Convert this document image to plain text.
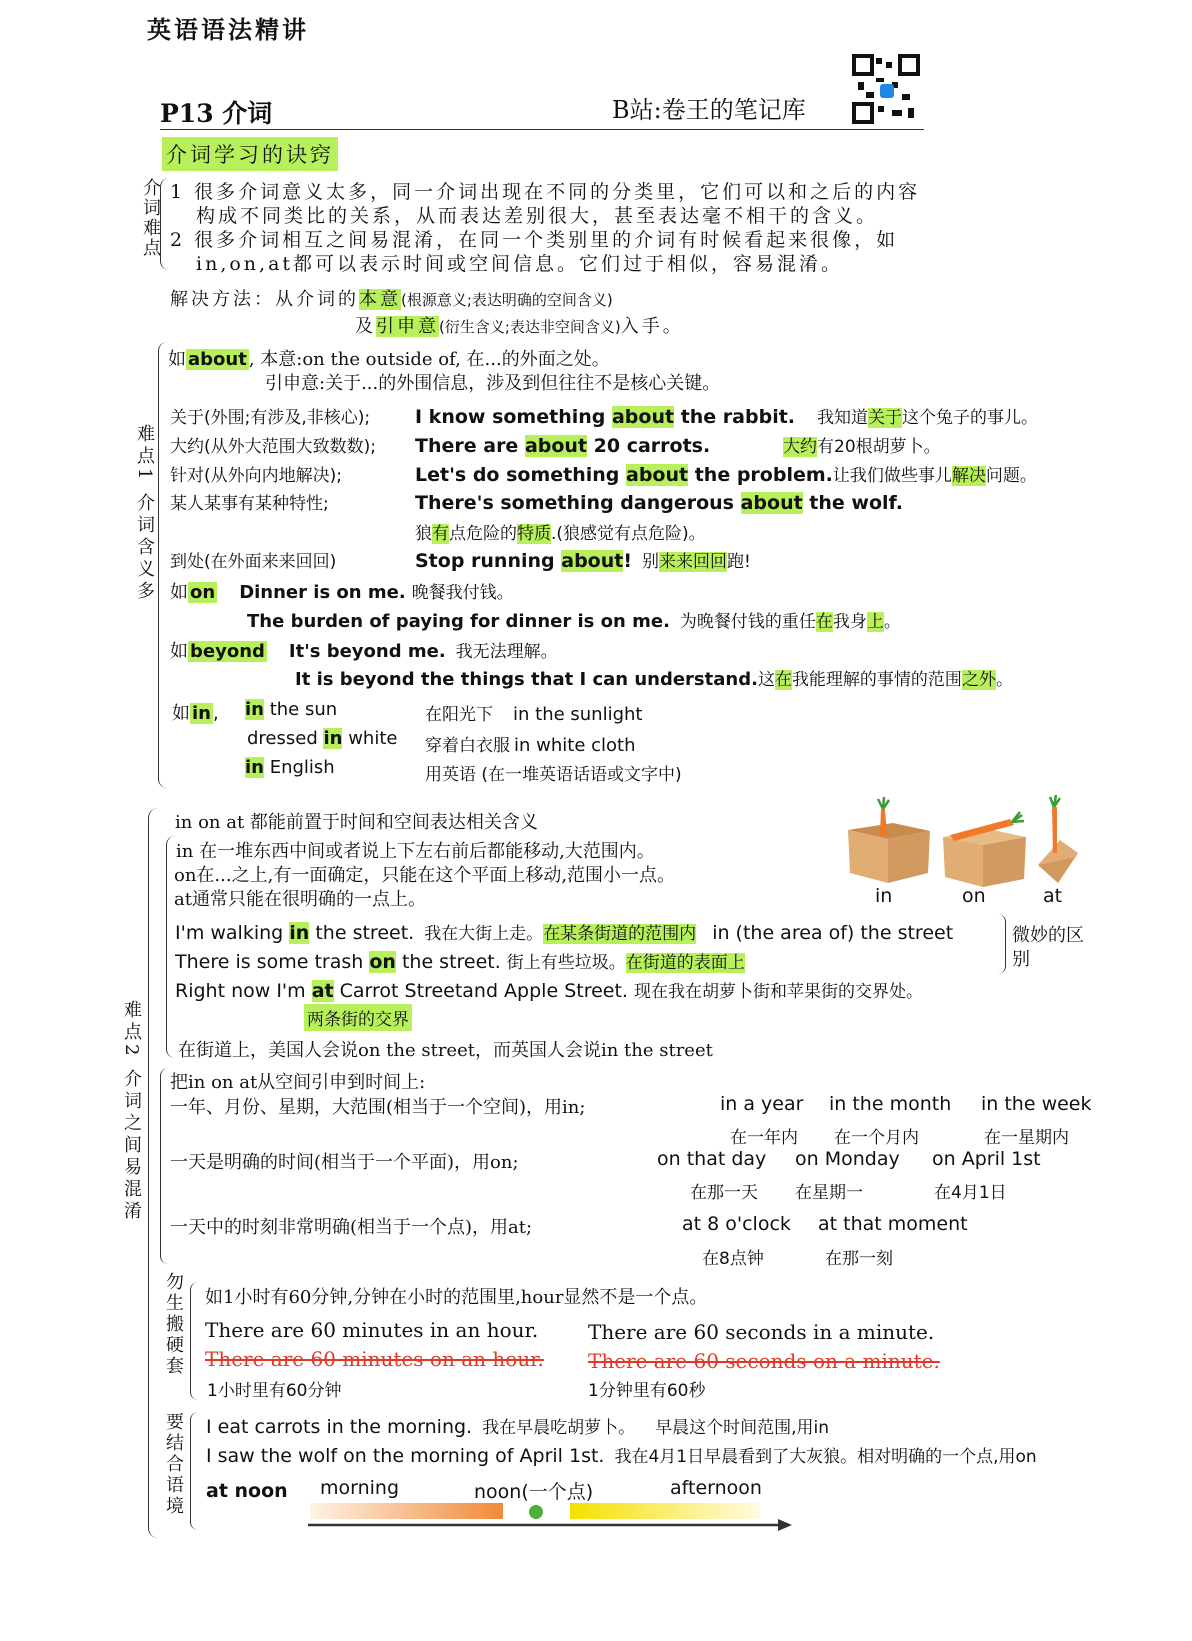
英语语法精讲
P13 介词	B站:卷王的笔记库
介词学习的诀窍
介词难点 1 很多介词意义太多，同一介词出现在不同的分类里，它们可以和之后的内容
构成不同类比的关系，从而表达差别很大，甚至表达毫不相干的含义。
2 很多介词相互之间易混淆，在同一个类别里的介词有时候看起来很像，如
in,on,at都可以表示时间或空间信息。它们过于相似，容易混淆。
解决方法：从介词的本意(根源意义;表达明确的空间含义)
及引申意(衍生含义;表达非空间含义)入手。
难点1 介词含义多
如 about , 本意:on the outside of, 在...的外面之处。
引申意:关于...的外围信息，涉及到但往往不是核心关键。
关于(外围;有涉及,非核心); I know something about the rabbit. 我知道关于这个兔子的事儿。
大约(从外大范围大致数数); There are about 20 carrots.	大约有20根胡萝卜。
针对(从外向内地解决);	Let's do something about the problem.让我们做些事儿解决问题。
某人某事有某种特性;	There's something dangerous about the wolf.
狼有点危险的特质.(狼感觉有点危险)。
到处(在外面来来回回)	Stop running about! 别来来回回跑!
如 on Dinner is on me. 晚餐我付钱。
The burden of paying for dinner is on me. 为晚餐付钱的重任在我身上。
如 beyond It's beyond me. 我无法理解。
It is beyond the things that I can understand.这在我能理解的事情的范围之外。
如 in , in the sun	在阳光下 in the sunlight
dressed in white 穿着白衣服 in white cloth
in English	用英语 (在一堆英语话语或文字中)
难点2 介词之间易混淆
in on at 都能前置于时间和空间表达相关含义
in 在一堆东西中间或者说上下左右前后都能移动,大范围内。
on在...之上,有一面确定，只能在这个平面上移动,范围小一点。
at通常只能在很明确的一点上。	in	on	at
I'm walking in the street. 我在大街上走。在某条街道的范围内 in (the area of) the street
There is some trash on the street. 街上有些垃圾。在街道的表面上
Right now I'm at Carrot Streetand Apple Street. 现在我在胡萝卜街和苹果街的交界处。
两条街的交界
微妙的区别
在街道上，美国人会说on the street，而英国人会说in the street
把in on at从空间引申到时间上:
一年、月份、星期，大范围(相当于一个空间)，用in;	in a year in the month in the week
在一年内 在一个月内	在一星期内
一天是明确的时间(相当于一个平面)，用on;	on that day on Monday on April 1st
在那一天 在星期一	在4月1日
一天中的时刻非常明确(相当于一个点)，用at;	at 8 o'clock at that moment
在8点钟	在那一刻
勿生搬硬套 如1小时有60分钟,分钟在小时的范围里,hour显然不是一个点。
There are 60 minutes in an hour.
There are 60 minutes on an hour.
1小时里有60分钟
There are 60 seconds in a minute.
There are 60 seconds on a minute.
1分钟里有60秒
要结合语境 I eat carrots in the morning. 我在早晨吃胡萝卜。 早晨这个时间范围,用in
I saw the wolf on the morning of April 1st. 我在4月1日早晨看到了大灰狼。相对明确的一个点,用on
at noon morning	noon(一个点)	afternoon
